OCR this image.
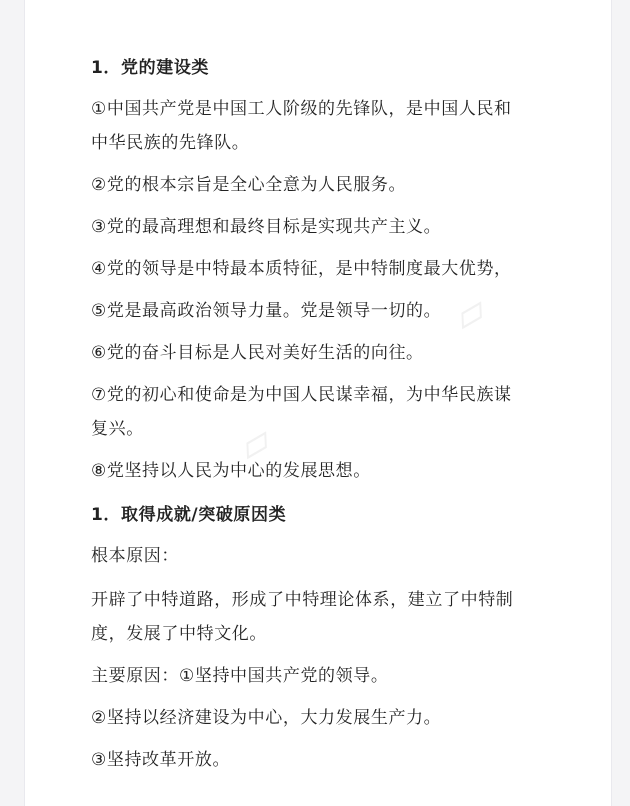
1．党的建设类
①中国共产党是中国工人阶级的先锋队，是中国人民和
中华民族的先锋队。
②党的根本宗旨是全心全意为人民服务。
③党的最高理想和最终目标是实现共产主义。
④党的领导是中特最本质特征，是中特制度最大优势，
⑤党是最高政治领导力量。党是领导一切的。
⑥党的奋斗目标是人民对美好生活的向往。
⑦党的初心和使命是为中国人民谋幸福，为中华民族谋
复兴。
⑧党坚持以人民为中心的发展思想。
1．取得成就/突破原因类
根本原因：
开辟了中特道路，形成了中特理论体系，建立了中特制
度，发展了中特文化。
主要原因：①坚持中国共产党的领导。
②坚持以经济建设为中心，大力发展生产力。
③坚持改革开放。
▱
▱
